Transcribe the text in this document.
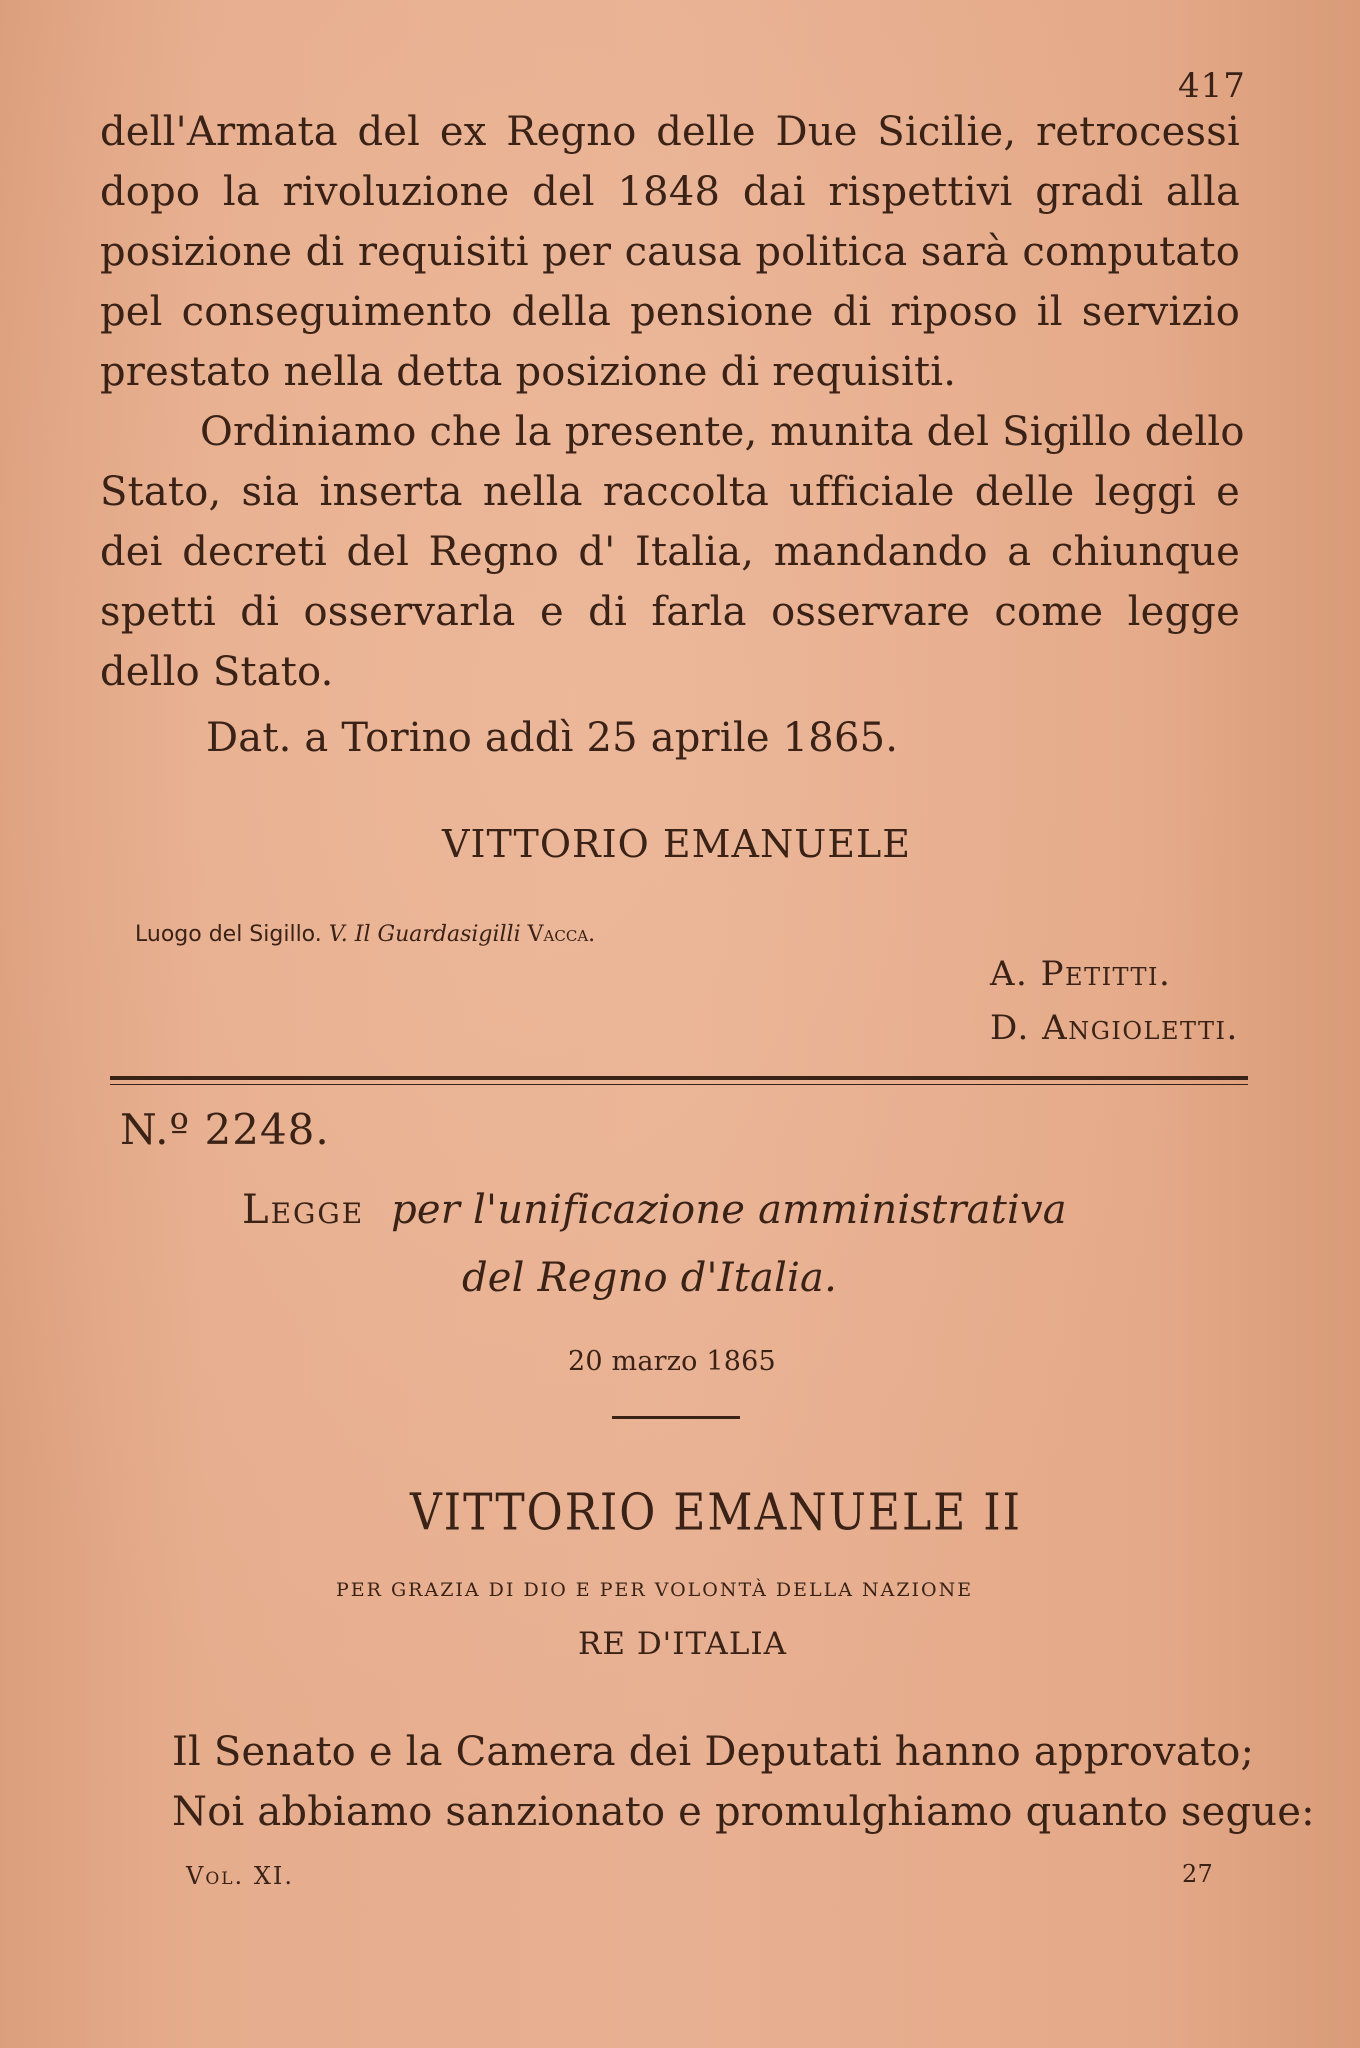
417
dell'Armata del ex Regno delle Due Sicilie, retrocessi
dopo la rivoluzione del 1848 dai rispettivi gradi alla
posizione di requisiti per causa politica sarà computato
pel conseguimento della pensione di riposo il servizio
prestato nella detta posizione di requisiti.
Ordiniamo che la presente, munita del Sigillo dello
Stato, sia inserta nella raccolta ufficiale delle leggi e
dei decreti del Regno d' Italia, mandando a chiunque
spetti di osservarla e di farla osservare come legge
dello Stato.
Dat. a Torino addì 25 aprile 1865.
VITTORIO EMANUELE
Luogo del Sigillo. V. Il Guardasigilli Vacca.
A. Petitti.
D. Angioletti.
N.º 2248.
Legge per l'unificazione amministrativa
del Regno d'Italia.
20 marzo 1865
VITTORIO EMANUELE II
PER GRAZIA DI DIO E PER VOLONTÀ DELLA NAZIONE
RE D'ITALIA
Il Senato e la Camera dei Deputati hanno approvato;
Noi abbiamo sanzionato e promulghiamo quanto segue:
Vol. XI.	27
